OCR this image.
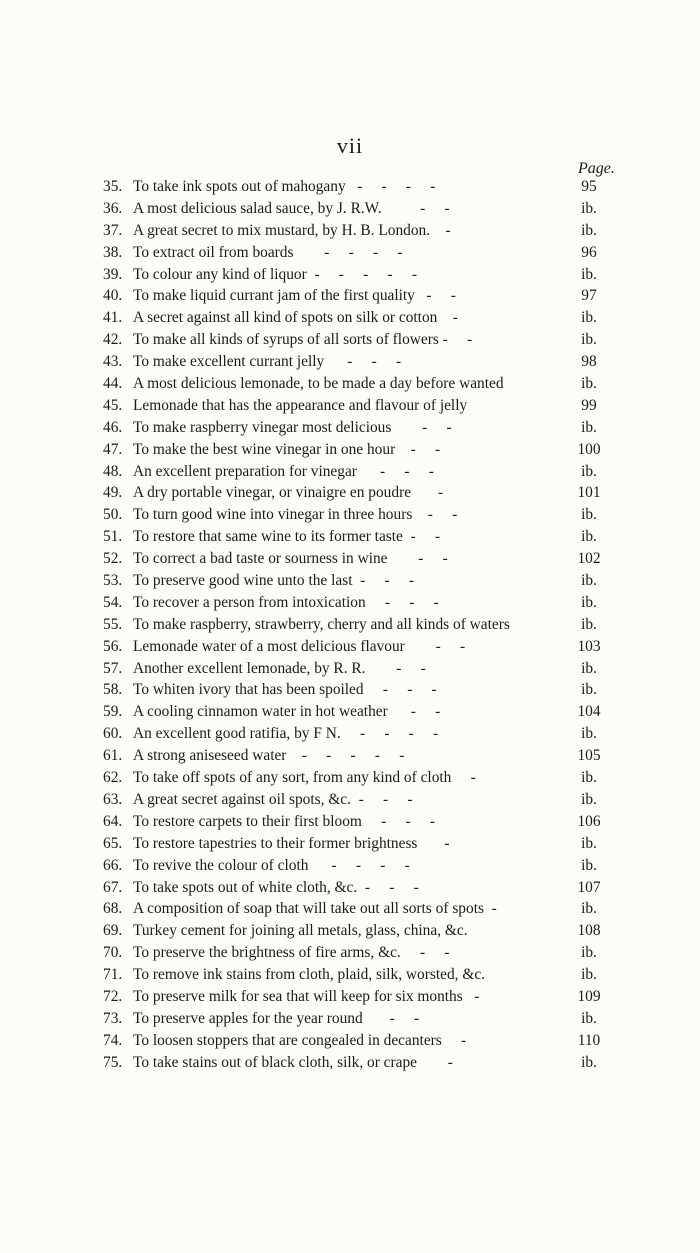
vii
Page.
35. To take ink spots out of mahogany   -     -     -     -	95
36. A most delicious salad sauce, by J. R.W.          -     -	ib.
37. A great secret to mix mustard, by H. B. London.    -	ib.
38. To extract oil from boards        -     -     -     -	96
39. To colour any kind of liquor  -     -     -     -     -	ib.
40. To make liquid currant jam of the first quality   -     -	97
41. A secret against all kind of spots on silk or cotton    -	ib.
42. To make all kinds of syrups of all sorts of flowers -     -	ib.
43. To make excellent currant jelly      -     -     -	98
44. A most delicious lemonade, to be made a day before wanted	ib.
45. Lemonade that has the appearance and flavour of jelly	99
46. To make raspberry vinegar most delicious        -     -	ib.
47. To make the best wine vinegar in one hour    -     -	100
48. An excellent preparation for vinegar      -     -     -	ib.
49. A dry portable vinegar, or vinaigre en poudre       -	101
50. To turn good wine into vinegar in three hours    -     -	ib.
51. To restore that same wine to its former taste  -     -	ib.
52. To correct a bad taste or sourness in wine        -     -	102
53. To preserve good wine unto the last  -     -     -	ib.
54. To recover a person from intoxication     -     -     -	ib.
55. To make raspberry, strawberry, cherry and all kinds of waters	ib.
56. Lemonade water of a most delicious flavour        -     -	103
57. Another excellent lemonade, by R. R.        -     -	ib.
58. To whiten ivory that has been spoiled     -     -     -	ib.
59. A cooling cinnamon water in hot weather      -     -	104
60. An excellent good ratifia, by F N.     -     -     -     -	ib.
61. A strong aniseseed water    -     -     -     -     -	105
62. To take off spots of any sort, from any kind of cloth     -	ib.
63. A great secret against oil spots, &c.  -     -     -	ib.
64. To restore carpets to their first bloom     -     -     -	106
65. To restore tapestries to their former brightness       -	ib.
66. To revive the colour of cloth      -     -     -     -	ib.
67. To take spots out of white cloth, &c.  -     -     -	107
68. A composition of soap that will take out all sorts of spots  -	ib.
69. Turkey cement for joining all metals, glass, china, &c.	108
70. To preserve the brightness of fire arms, &c.     -     -	ib.
71. To remove ink stains from cloth, plaid, silk, worsted, &c.	ib.
72. To preserve milk for sea that will keep for six months   -	109
73. To preserve apples for the year round       -     -	ib.
74. To loosen stoppers that are congealed in decanters     -	110
75. To take stains out of black cloth, silk, or crape        -	ib.
